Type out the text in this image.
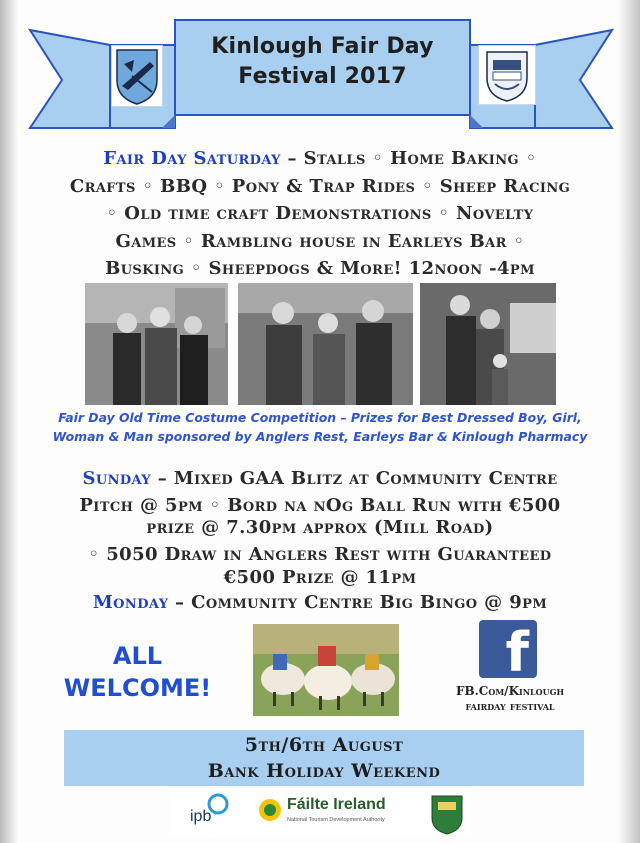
Kinlough Fair Day
Festival 2017
Fair Day Saturday – Stalls ◦ Home Baking ◦
Crafts ◦ BBQ ◦ Pony & Trap Rides ◦ Sheep Racing
◦ Old time craft Demonstrations ◦ Novelty
Games ◦ Rambling house in Earleys Bar ◦
Busking ◦ Sheepdogs & More! 12noon -4pm
Fair Day Old Time Costume Competition – Prizes for Best Dressed Boy, Girl,
Woman & Man sponsored by Anglers Rest, Earleys Bar & Kinlough Pharmacy
Sunday – Mixed GAA Blitz at Community Centre
Pitch @ 5pm ◦ Bord na nOg Ball Run with €500
prize @ 7.30pm approx (Mill Road)
◦ 5050 Draw in Anglers Rest with Guaranteed
€500 Prize @ 11pm
Monday – Community Centre Big Bingo @ 9pm
ALL
WELCOME!
f
FB.Com/Kinlough
fairday festival
5th/6th August
Bank Holiday Weekend
ipb
Fáilte Ireland
National Tourism Development Authority
